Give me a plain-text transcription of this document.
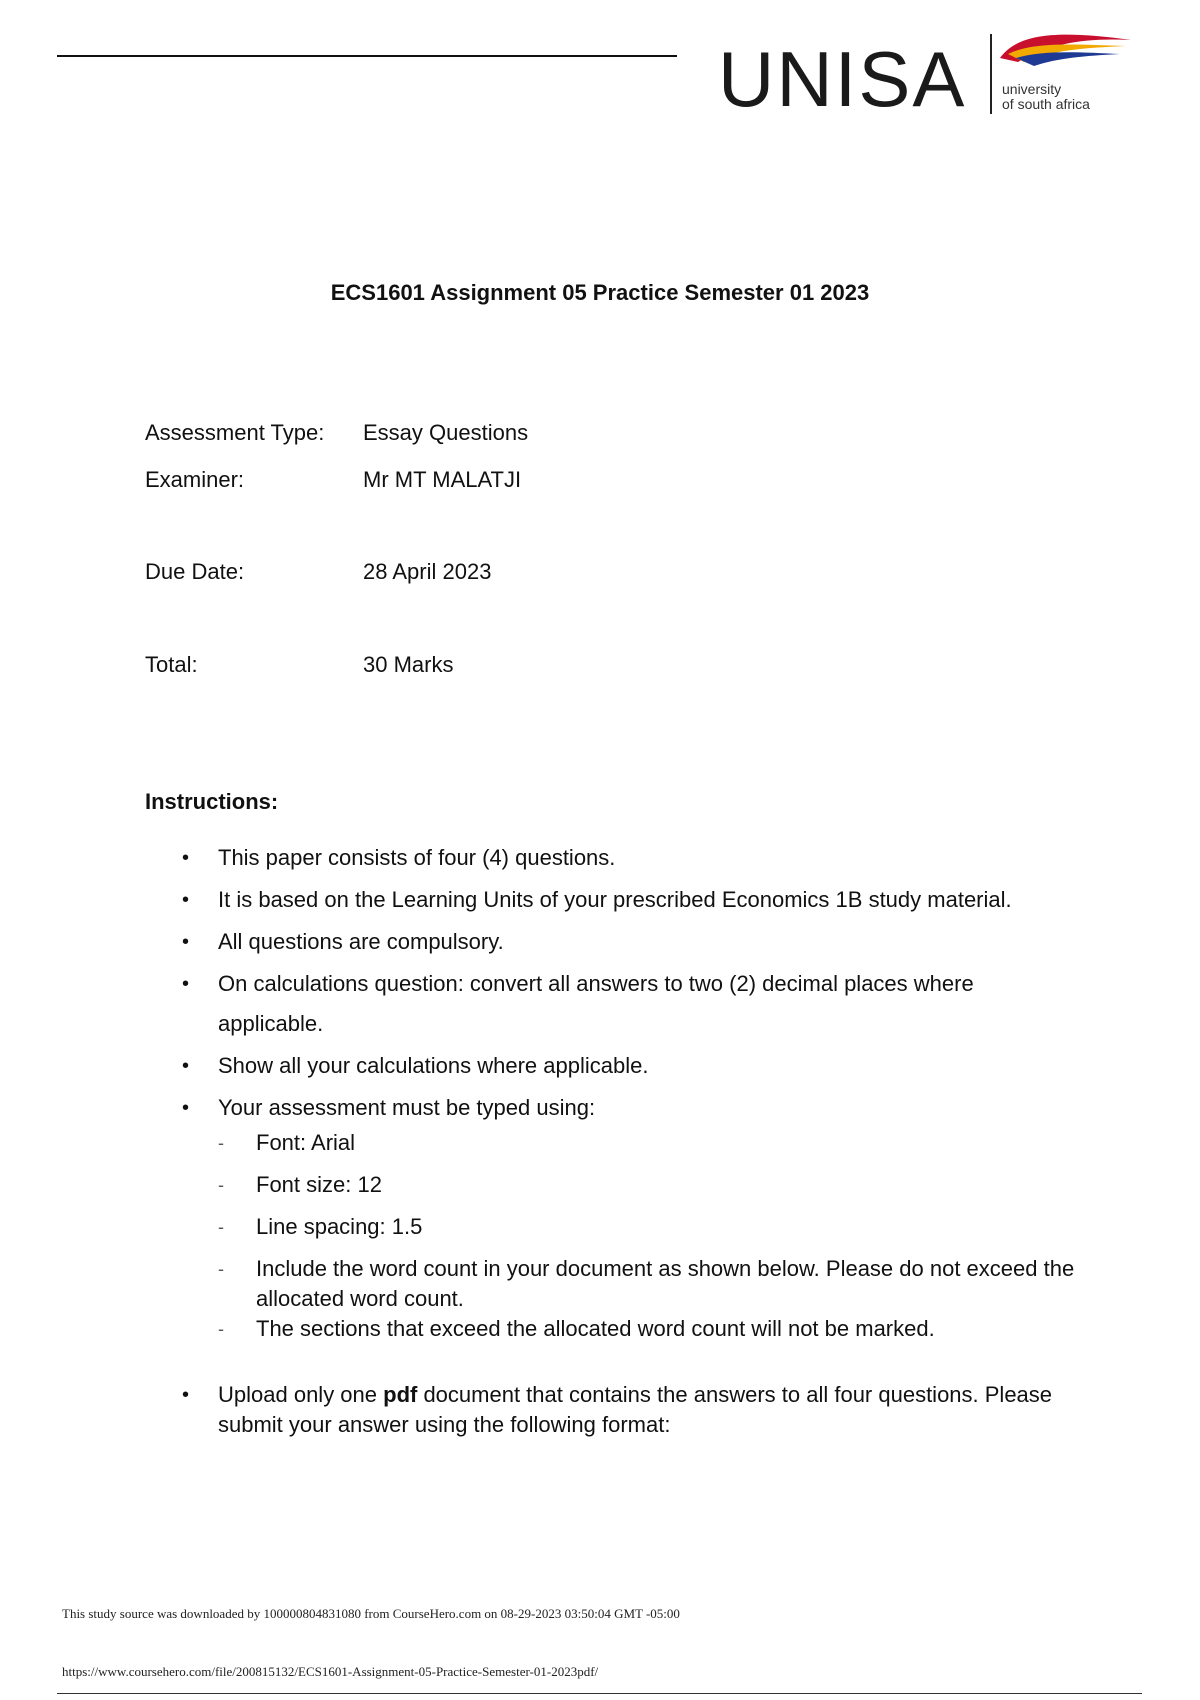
UNISA	university
of south africa
ECS1601 Assignment 05 Practice Semester 01 2023
Assessment Type: Essay Questions
Examiner:	Mr MT MALATJI
Due Date:	28 April 2023
Total:	30 Marks
Instructions:
• This paper consists of four (4) questions.
• It is based on the Learning Units of your prescribed Economics 1B study material.
• All questions are compulsory.
• On calculations question: convert all answers to two (2) decimal places where applicable.
• Show all your calculations where applicable.
• Your assessment must be typed using:
- Font: Arial
- Font size: 12
- Line spacing: 1.5
- Include the word count in your document as shown below. Please do not exceed the allocated word count.
- The sections that exceed the allocated word count will not be marked.
• Upload only one pdf document that contains the answers to all four questions. Please submit your answer using the following format:
This study source was downloaded by 100000804831080 from CourseHero.com on 08-29-2023 03:50:04 GMT -05:00
https://www.coursehero.com/file/200815132/ECS1601-Assignment-05-Practice-Semester-01-2023pdf/
